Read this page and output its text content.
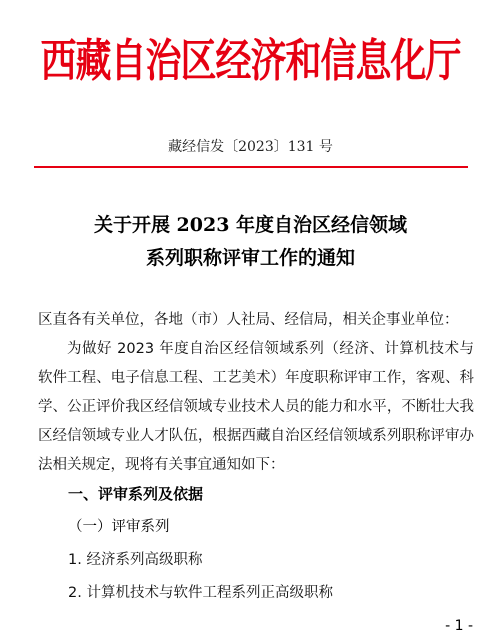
西藏自治区经济和信息化厅
藏经信发〔2023〕131 号
关于开展 2023 年度自治区经信领域
系列职称评审工作的通知
区直各有关单位，各地（市）人社局、经信局，相关企事业单位：
为做好 2023 年度自治区经信领域系列（经济、计算机技术与软件工程、电子信息工程、工艺美术）年度职称评审工作，客观、科学、公正评价我区经信领域专业技术人员的能力和水平，不断壮大我区经信领域专业人才队伍，根据西藏自治区经信领域系列职称评审办法相关规定，现将有关事宜通知如下：
一、评审系列及依据
（一）评审系列
1. 经济系列高级职称
2. 计算机技术与软件工程系列正高级职称
- 1 -
